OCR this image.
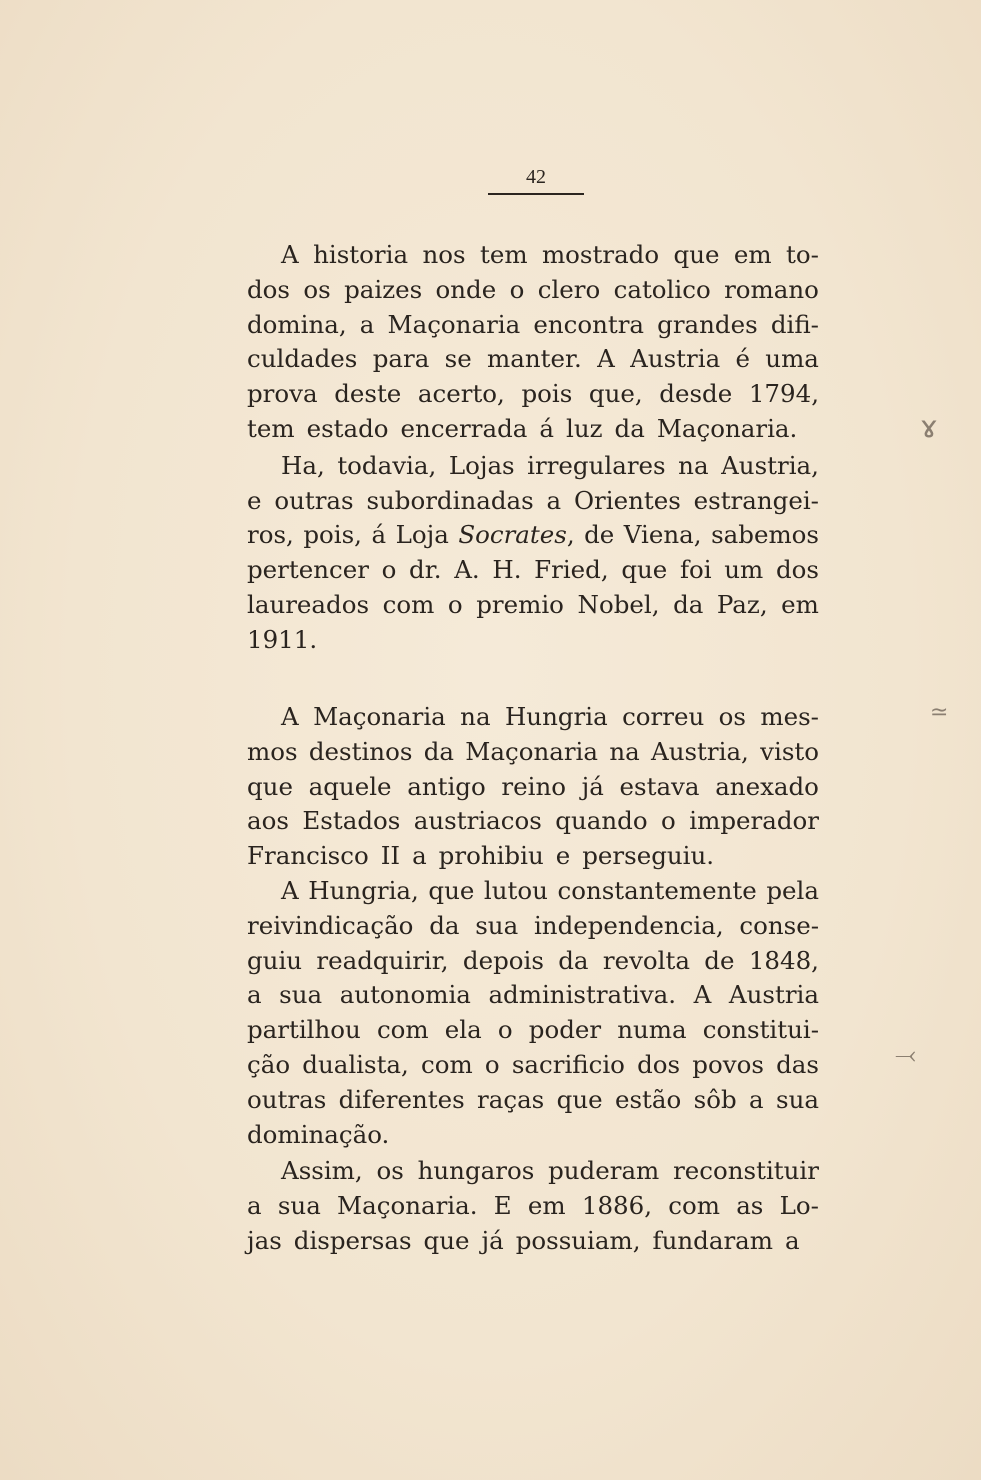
42
A historia nos tem mostrado que em to-
dos os paizes onde o clero catolico romano
domina, a Maçonaria encontra grandes difi-
culdades para se manter. A Austria é uma
prova deste acerto, pois que, desde 1794,
tem estado encerrada á luz da Maçonaria.
Ha, todavia, Lojas irregulares na Austria,
e outras subordinadas a Orientes estrangei-
ros, pois, á Loja Socrates, de Viena, sabemos
pertencer o dr. A. H. Fried, que foi um dos
laureados com o premio Nobel, da Paz, em
1911.
A Maçonaria na Hungria correu os mes-
mos destinos da Maçonaria na Austria, visto
que aquele antigo reino já estava anexado
aos Estados austriacos quando o imperador
Francisco II a prohibiu e perseguiu.
A Hungria, que lutou constantemente pela
reivindicação da sua independencia, conse-
guiu readquirir, depois da revolta de 1848,
a sua autonomia administrativa. A Austria
partilhou com ela o poder numa constitui-
ção dualista, com o sacrificio dos povos das
outras diferentes raças que estão sôb a sua
dominação.
Assim, os hungaros puderam reconstituir
a sua Maçonaria. E em 1886, com as Lo-
jas dispersas que já possuiam, fundaram a
ɤ
≃
⤙
